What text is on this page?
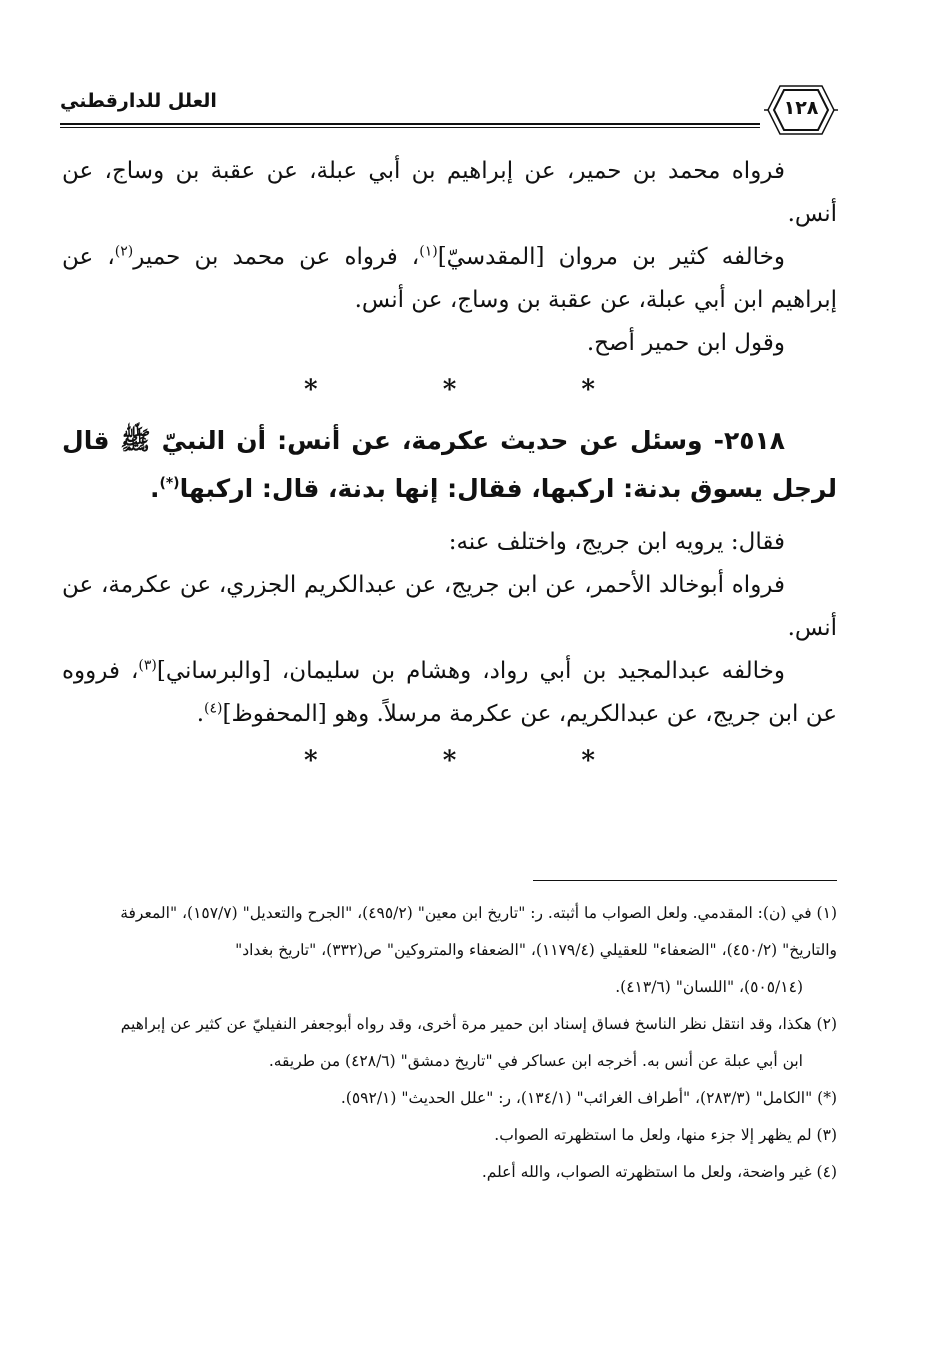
العلل للدارقطني	١٢٨

فرواه محمد بن حمير، عن إبراهيم بن أبي عبلة، عن عقبة بن وساج، عن أنس.

وخالفه كثير بن مروان [المقدسيّ]$^{(١)}$، فرواه عن محمد بن حمير$^{(٢)}$، عن إبراهيم ابن أبي عبلة، عن عقبة بن وساج، عن أنس.

وقول ابن حمير أصح.

* * *

٢٥١٨- وسئل عن حديث عكرمة، عن أنس: أن النبيّ ﷺ قال لرجل يسوق بدنة: اركبها، فقال: إنها بدنة، قال: اركبها(*).

فقال: يرويه ابن جريج، واختلف عنه:

فرواه أبوخالد الأحمر، عن ابن جريج، عن عبدالكريم الجزري، عن عكرمة، عن أنس.

وخالفه عبدالمجيد بن أبي رواد، وهشام بن سليمان، [والبرساني]$^{(٣)}$، فرووه عن ابن جريج، عن عبدالكريم، عن عكرمة مرسلاً. وهو [المحفوظ]$^{(٤)}$.

* * *

(١) في (ن): المقدمي. ولعل الصواب ما أثبته. ر: "تاريخ ابن معين" (٤٩٥/٢)، "الجرح والتعديل" (١٥٧/٧)، "المعرفة

والتاريخ" (٤٥٠/٢)، "الضعفاء" للعقيلي (١١٧٩/٤)، "الضعفاء والمتروكين" ص(٣٣٢)، "تاريخ بغداد"

(٥٠٥/١٤)، "اللسان" (٤١٣/٦).

(٢) هكذا، وقد انتقل نظر الناسخ فساق إسناد ابن حمير مرة أخرى، وقد رواه أبوجعفر النفيليّ عن كثير عن إبراهيم

ابن أبي عبلة عن أنس به. أخرجه ابن عساكر في "تاريخ دمشق" (٤٢٨/٦) من طريقه.

(*) "الكامل" (٢٨٣/٣)، "أطراف الغرائب" (١٣٤/١)، ر: "علل الحديث" (٥٩٢/١).

(٣) لم يظهر إلا جزء منها، ولعل ما استظهرته الصواب.

(٤) غير واضحة، ولعل ما استظهرته الصواب، والله أعلم.
